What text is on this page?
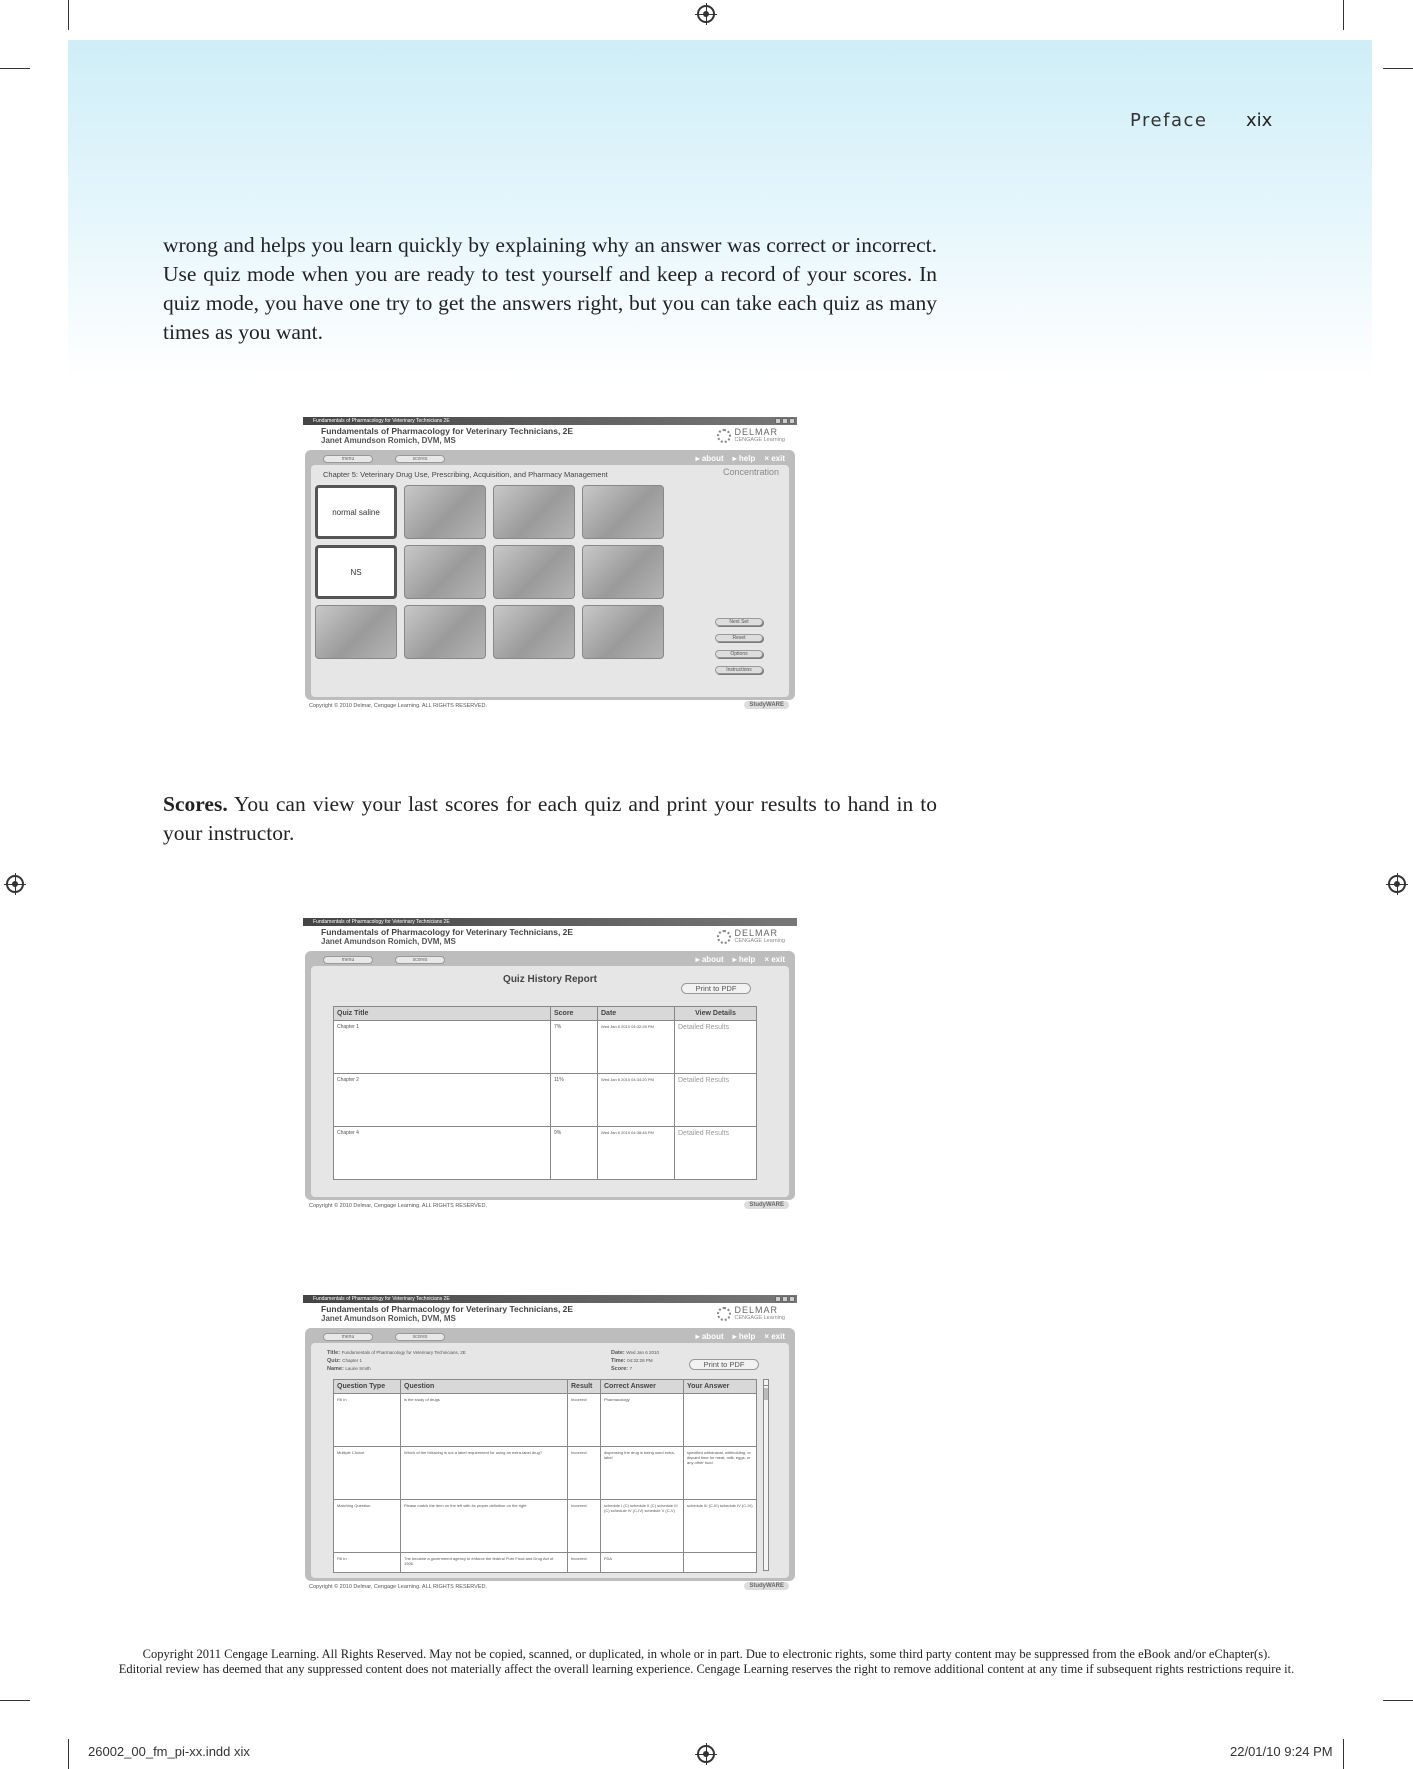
Preface xix
wrong and helps you learn quickly by explaining why an answer was correct or incorrect. Use quiz mode when you are ready to test yourself and keep a record of your scores. In quiz mode, you have one try to get the answers right, but you can take each quiz as many times as you want.
Fundamentals of Pharmacology for Veterinary Technicians 2E
Fundamentals of Pharmacology for Veterinary Technicians, 2E
Janet Amundson Romich, DVM, MS
DELMAR
CENGAGE Learning
menu	scores	▸ about ▸ help × exit
Chapter 5: Veterinary Drug Use, Prescribing, Acquisition, and Pharmacy Management	Concentration
normal saline
NS
Next Set
Reset
Options
Instructions
Copyright © 2010 Delmar, Cengage Learning. ALL RIGHTS RESERVED.	StudyWARE
Scores. You can view your last scores for each quiz and print your results to hand in to your instructor.
Fundamentals of Pharmacology for Veterinary Technicians 2E
Fundamentals of Pharmacology for Veterinary Technicians, 2E
Janet Amundson Romich, DVM, MS
DELMAR
CENGAGE Learning
menu	scores	▸ about ▸ help × exit
Quiz History Report
Print to PDF
Quiz Title	Score	Date	View Details
Chapter 1	7%	Wed Jan 6 2010 04:32:28 PM	Detailed Results
Chapter 2	11%	Wed Jan 6 2010 04:34:20 PM	Detailed Results
Chapter 4	9%	Wed Jan 6 2010 04:38:48 PM	Detailed Results
Copyright © 2010 Delmar, Cengage Learning. ALL RIGHTS RESERVED.	StudyWARE
Fundamentals of Pharmacology for Veterinary Technicians 2E
Fundamentals of Pharmacology for Veterinary Technicians, 2E
Janet Amundson Romich, DVM, MS
DELMAR
CENGAGE Learning
menu	scores	▸ about ▸ help × exit
Title: Fundamentals of Pharmacology for Veterinary Technicians, 2E
Quiz: Chapter 1
Name: Laurie Smith
Date: Wed Jan 6 2010
Time: 04:32:28 PM
Score: 7	Print to PDF
Question Type	Question	Result	Correct Answer	Your Answer
Fill In	is the study of drugs	Incorrect	Pharmacology	
Multiple Choice	Which of the following is not a label requirement for using an extra-label drug?	Incorrect	dispensing the drug is being used extra-label	specified withdrawal, withholding, or discard time for meat, milk, eggs, or any other food
Matching Question	Please match the item on the left with its proper definition on the right	Incorrect	schedule I (C) schedule II (C) schedule III (C) schedule IV (C-IV) schedule V (C-V)	schedule III (C-III) schedule IV (C-IV)
Fill In	The became a government agency to enforce the federal Pure Food and Drug Act of 1906.	Incorrect	FDA	
Copyright © 2010 Delmar, Cengage Learning. ALL RIGHTS RESERVED.	StudyWARE
Copyright 2011 Cengage Learning. All Rights Reserved. May not be copied, scanned, or duplicated, in whole or in part. Due to electronic rights, some third party content may be suppressed from the eBook and/or eChapter(s).
Editorial review has deemed that any suppressed content does not materially affect the overall learning experience. Cengage Learning reserves the right to remove additional content at any time if subsequent rights restrictions require it.
26002_00_fm_pi-xx.indd xix	22/01/10 9:24 PM
